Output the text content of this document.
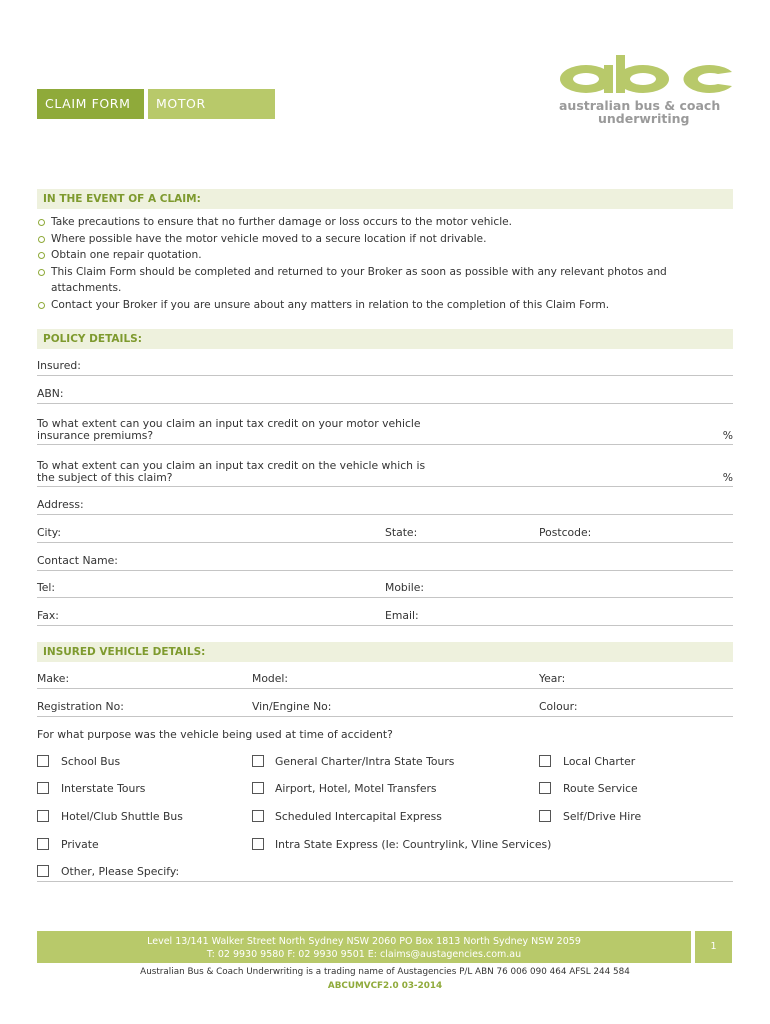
CLAIM FORM	MOTOR VEHICLE
australian bus & coach
underwriting
IN THE EVENT OF A CLAIM:
Take precautions to ensure that no further damage or loss occurs to the motor vehicle.
Where possible have the motor vehicle moved to a secure location if not drivable.
Obtain one repair quotation.
This Claim Form should be completed and returned to your Broker as soon as possible with any relevant photos and attachments.
Contact your Broker if you are unsure about any matters in relation to the completion of this Claim Form.
POLICY DETAILS:
Insured:
ABN:
To what extent can you claim an input tax credit on your motor vehicle
insurance premiums?	%
To what extent can you claim an input tax credit on the vehicle which is
the subject of this claim?	%
Address:
City:	State:	Postcode:
Contact Name:
Tel:	Mobile:
Fax:	Email:
INSURED VEHICLE DETAILS:
Make:	Model:	Year:
Registration No:	Vin/Engine No:	Colour:
For what purpose was the vehicle being used at time of accident?
School Bus	General Charter/Intra State Tours	Local Charter
Interstate Tours	Airport, Hotel, Motel Transfers	Route Service
Hotel/Club Shuttle Bus	Scheduled Intercapital Express	Self/Drive Hire
Private	Intra State Express (Ie: Countrylink, Vline Services)
Other, Please Specify:
Level 13/141 Walker Street North Sydney NSW 2060 PO Box 1813 North Sydney NSW 2059
T: 02 9930 9580 F: 02 9930 9501 E: claims@austagencies.com.au
1
Australian Bus & Coach Underwriting is a trading name of Austagencies P/L ABN 76 006 090 464 AFSL 244 584
ABCUMVCF2.0 03-2014
